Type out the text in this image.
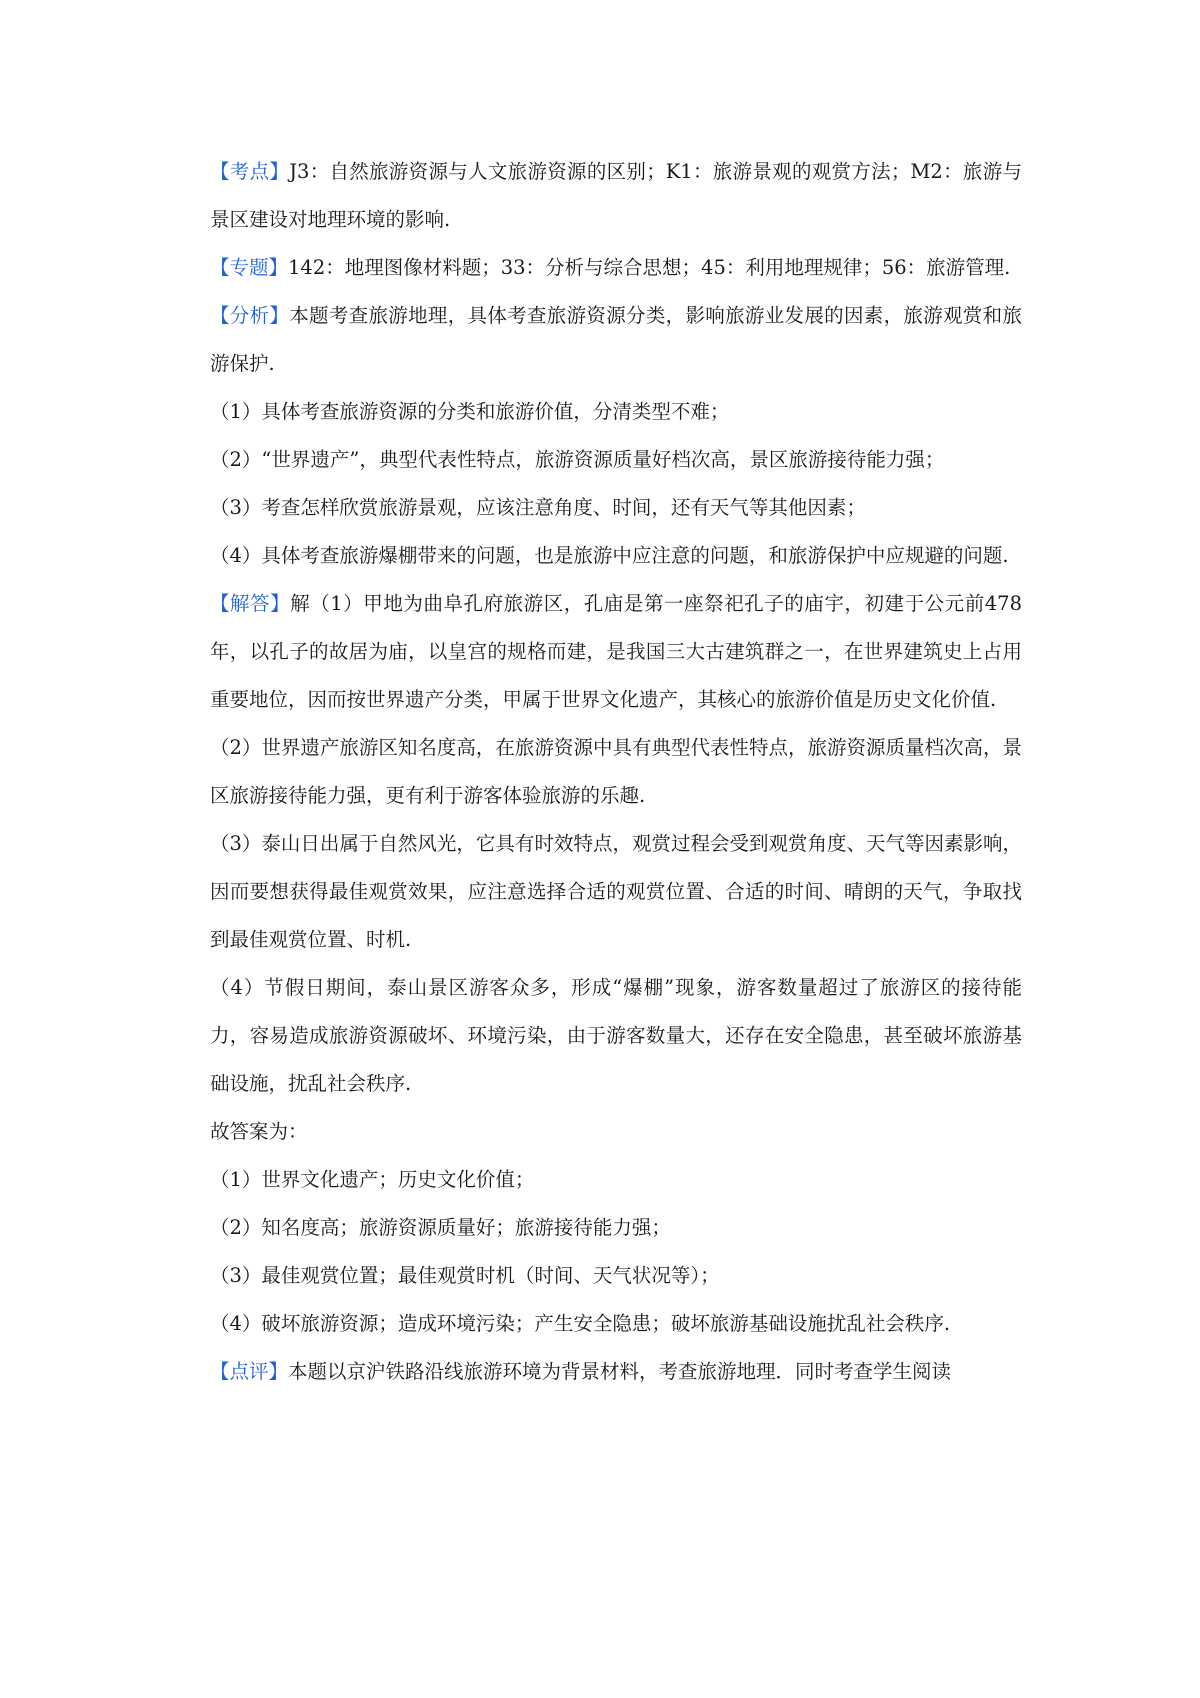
【考点】J3：自然旅游资源与人文旅游资源的区别；K1：旅游景观的观赏方法；M2：旅游与景区建设对地理环境的影响.

【专题】142：地理图像材料题；33：分析与综合思想；45：利用地理规律；56：旅游管理.

【分析】本题考查旅游地理，具体考查旅游资源分类，影响旅游业发展的因素，旅游观赏和旅游保护.

（1）具体考查旅游资源的分类和旅游价值，分清类型不难；

（2）“世界遗产”，典型代表性特点，旅游资源质量好档次高，景区旅游接待能力强；

（3）考查怎样欣赏旅游景观，应该注意角度、时间，还有天气等其他因素；

（4）具体考查旅游爆棚带来的问题，也是旅游中应注意的问题，和旅游保护中应规避的问题.

【解答】解（1）甲地为曲阜孔府旅游区，孔庙是第一座祭祀孔子的庙宇，初建于公元前478年，以孔子的故居为庙，以皇宫的规格而建，是我国三大古建筑群之一，在世界建筑史上占用重要地位，因而按世界遗产分类，甲属于世界文化遗产，其核心的旅游价值是历史文化价值.

（2）世界遗产旅游区知名度高，在旅游资源中具有典型代表性特点，旅游资源质量档次高，景区旅游接待能力强，更有利于游客体验旅游的乐趣.

（3）泰山日出属于自然风光，它具有时效特点，观赏过程会受到观赏角度、天气等因素影响，因而要想获得最佳观赏效果，应注意选择合适的观赏位置、合适的时间、晴朗的天气，争取找到最佳观赏位置、时机.

（4）节假日期间，泰山景区游客众多，形成“爆棚”现象，游客数量超过了旅游区的接待能力，容易造成旅游资源破坏、环境污染，由于游客数量大，还存在安全隐患，甚至破坏旅游基础设施，扰乱社会秩序.

故答案为：

（1）世界文化遗产；历史文化价值；

（2）知名度高；旅游资源质量好；旅游接待能力强；

（3）最佳观赏位置；最佳观赏时机（时间、天气状况等）；

（4）破坏旅游资源；造成环境污染；产生安全隐患；破坏旅游基础设施扰乱社会秩序.

【点评】本题以京沪铁路沿线旅游环境为背景材料，考查旅游地理．同时考查学生阅读
